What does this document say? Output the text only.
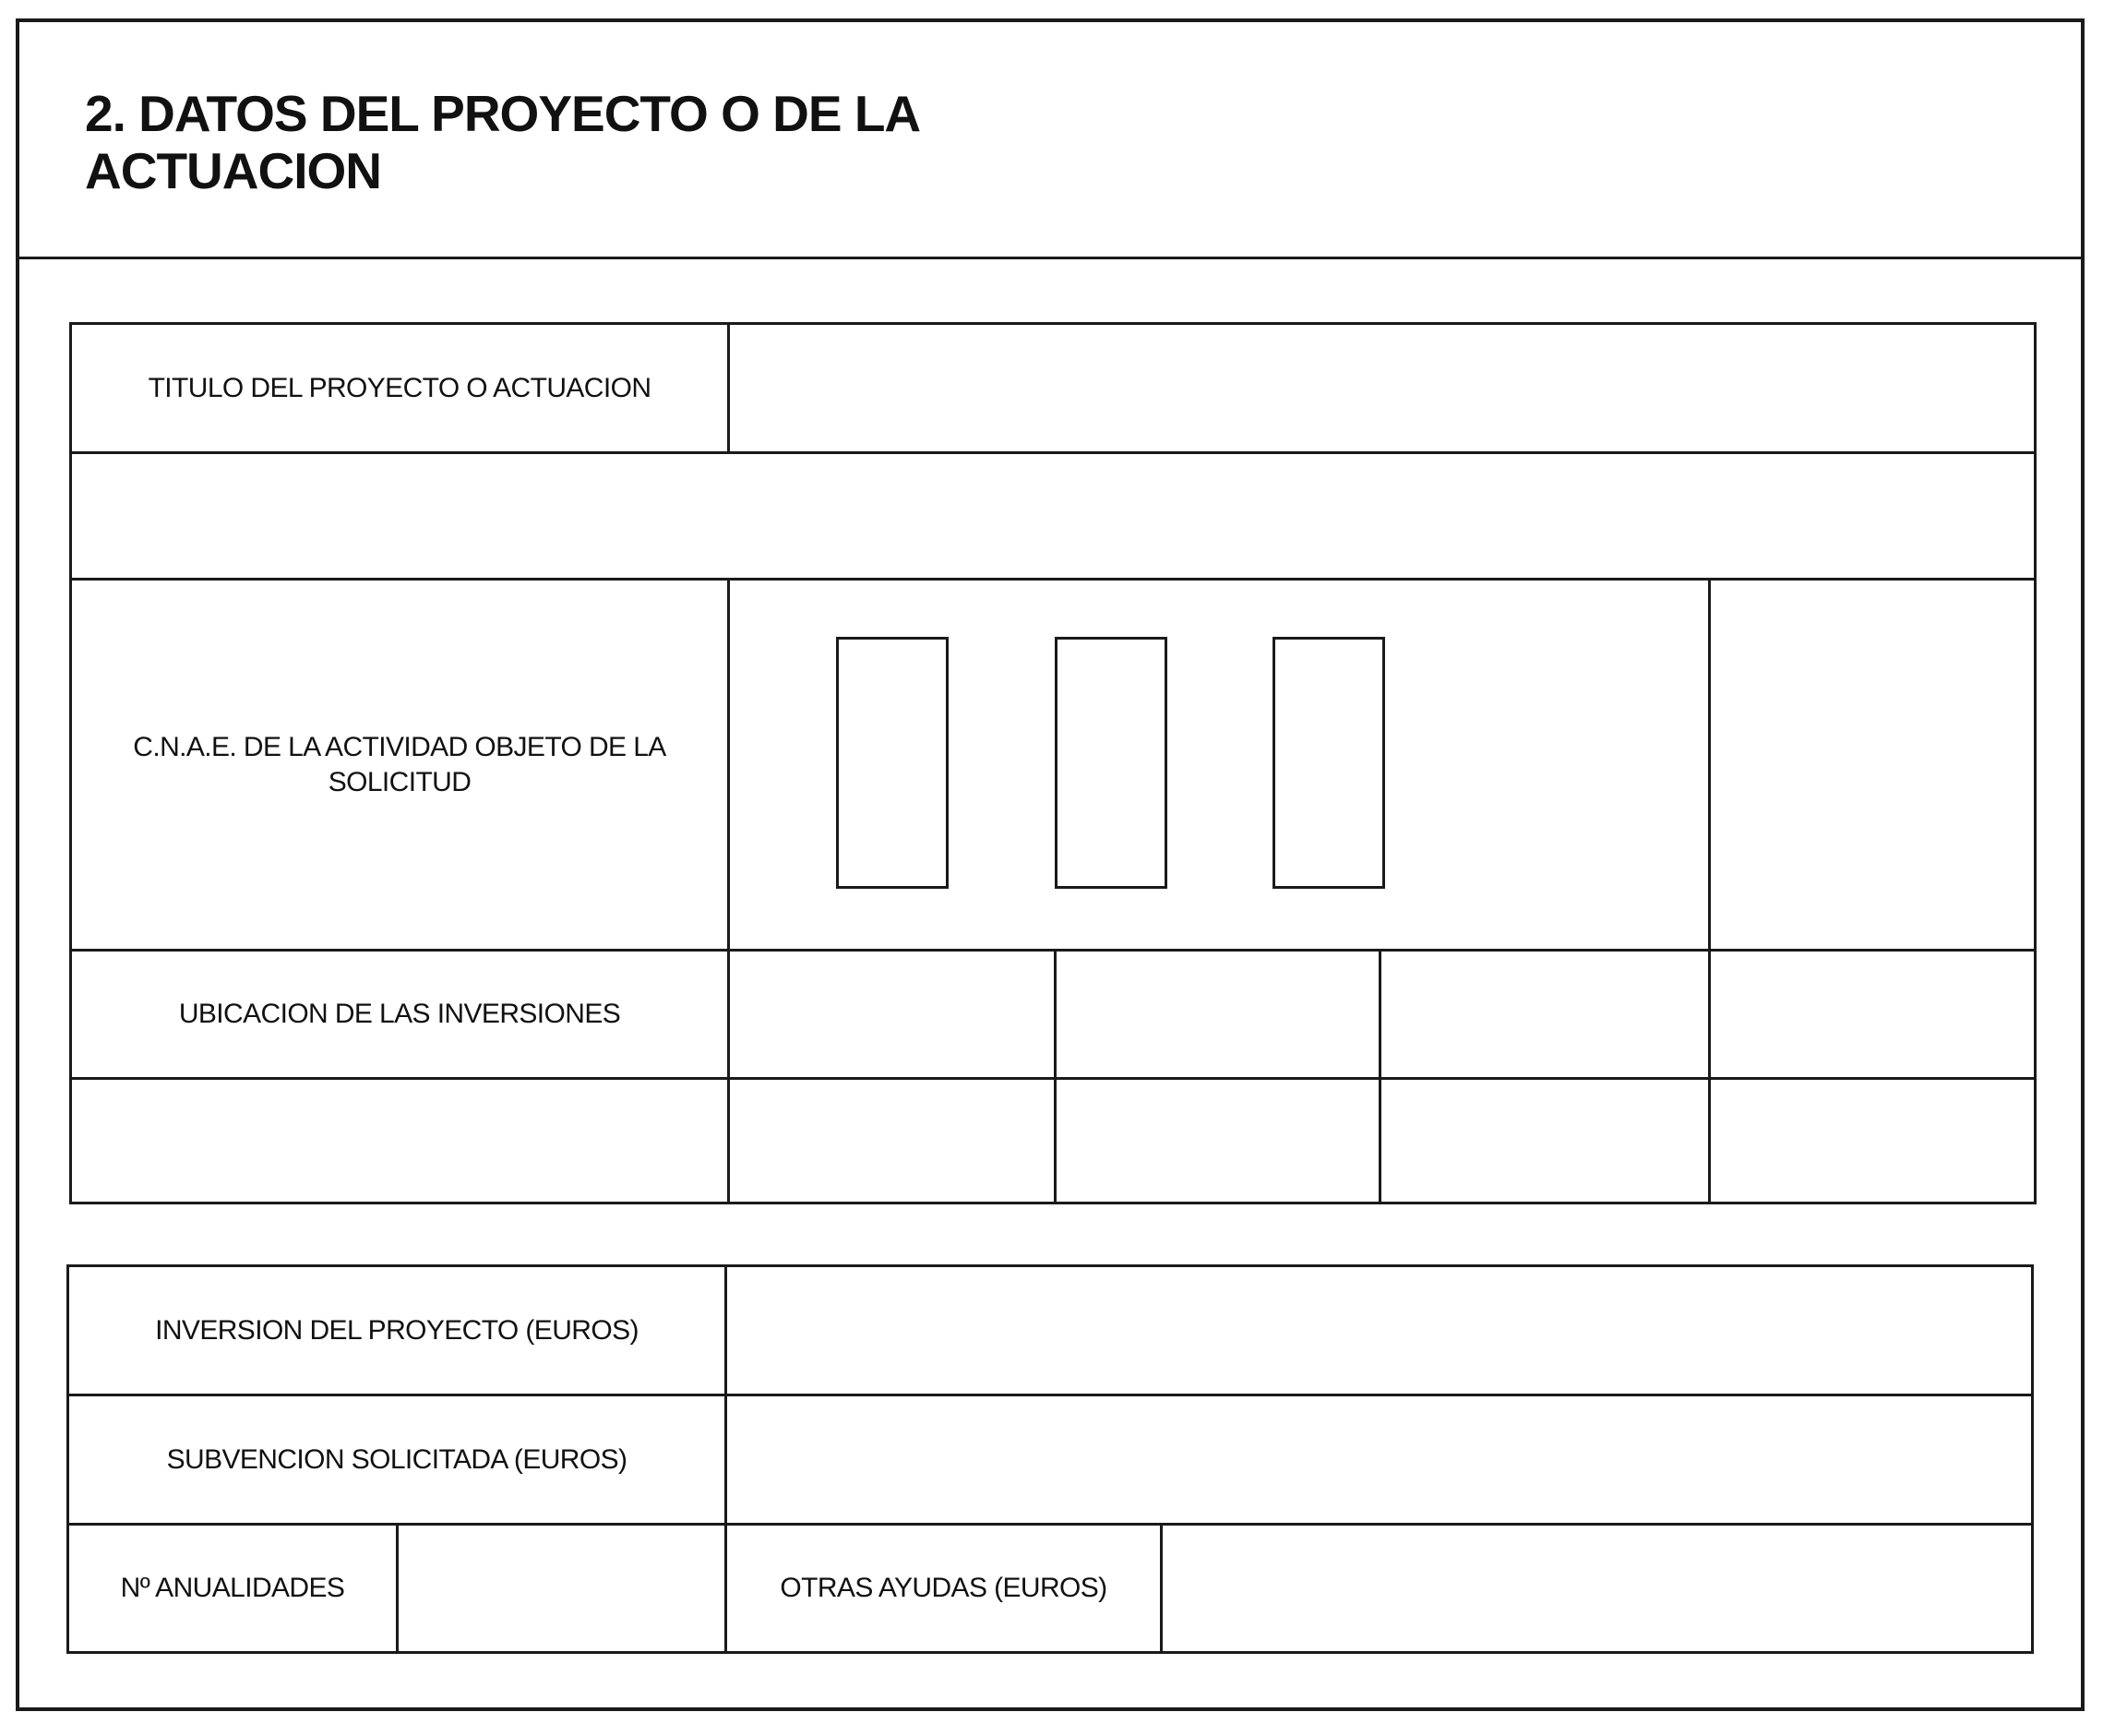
2. DATOS DEL PROYECTO O DE LA
ACTUACION
TITULO DEL PROYECTO O ACTUACION
C.N.A.E. DE LA ACTIVIDAD OBJETO DE LA
SOLICITUD
UBICACION DE LAS INVERSIONES
INVERSION DEL PROYECTO (EUROS)
SUBVENCION SOLICITADA (EUROS)
Nº ANUALIDADES	OTRAS AYUDAS (EUROS)
